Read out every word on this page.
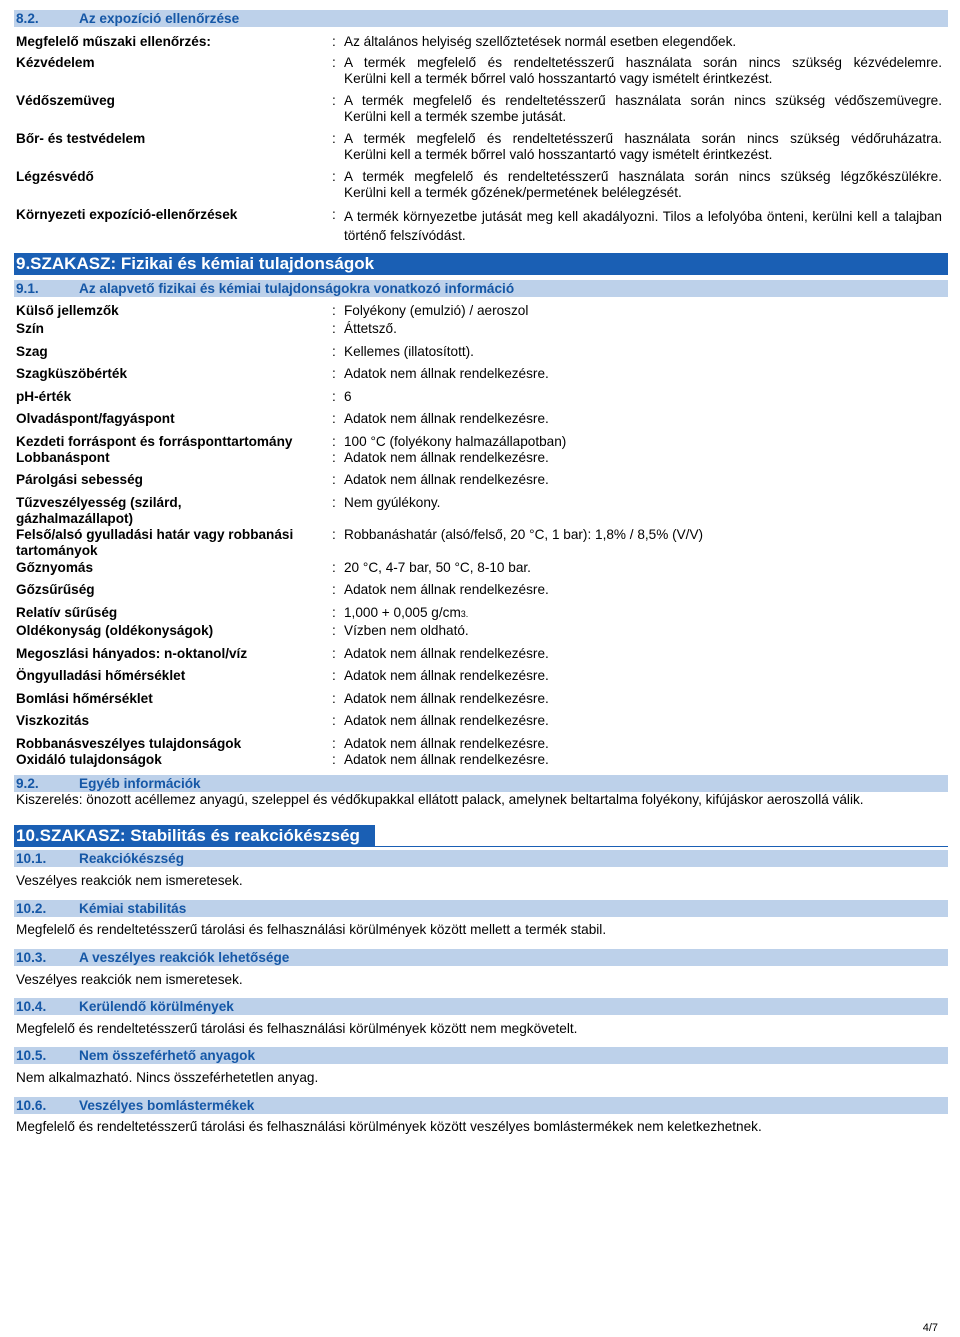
8.2.	Az expozíció ellenőrzése
Megfelelő műszaki ellenőrzés:	: Az általános helyiség szellőztetések normál esetben elegendőek.
Kézvédelem	: A termék megfelelő és rendeltetésszerű használata során nincs szükség kézvédelemre.
Kerülni kell a termék bőrrel való hosszantartó vagy ismételt érintkezést.
Védőszemüveg	: A termék megfelelő és rendeltetésszerű használata során nincs szükség védőszemüvegre.
Kerülni kell a termék szembe jutását.
Bőr- és testvédelem	: A termék megfelelő és rendeltetésszerű használata során nincs szükség védőruházatra.
Kerülni kell a termék bőrrel való hosszantartó vagy ismételt érintkezést.
Légzésvédő	: A termék megfelelő és rendeltetésszerű használata során nincs szükség légzőkészülékre.
Kerülni kell a termék gőzének/permetének belélegzését.
Környezeti expozíció-ellenőrzések	: A termék környezetbe jutását meg kell akadályozni. Tilos a lefolyóba önteni, kerülni kell a talajban történő felszívódást.
9.SZAKASZ: Fizikai és kémiai tulajdonságok
9.1.	Az alapvető fizikai és kémiai tulajdonságokra vonatkozó információ
Külső jellemzők	: Folyékony (emulzió) / aeroszol
Szín	: Áttetsző.
Szag	: Kellemes (illatosított).
Szagküszöbérték	: Adatok nem állnak rendelkezésre.
pH-érték	: 6
Olvadáspont/fagyáspont	: Adatok nem állnak rendelkezésre.
Kezdeti forráspont és forrásponttartomány	: 100 °C (folyékony halmazállapotban)
Lobbanáspont	: Adatok nem állnak rendelkezésre.
Párolgási sebesség	: Adatok nem állnak rendelkezésre.
Tűzveszélyesség (szilárd, gázhalmazállapot)
: Nem gyúlékony.
Felső/alsó gyulladási határ vagy robbanási tartományok
: Robbanáshatár (alsó/felső, 20 °C, 1 bar): 1,8% / 8,5% (V/V)
Gőznyomás	: 20 °C, 4-7 bar, 50 °C, 8-10 bar.
Gőzsűrűség	: Adatok nem állnak rendelkezésre.
Relatív sűrűség	: 1,000 + 0,005 g/cm3.
Oldékonyság (oldékonyságok)	: Vízben nem oldható.
Megoszlási hányados: n-oktanol/víz	: Adatok nem állnak rendelkezésre.
Öngyulladási hőmérséklet	: Adatok nem állnak rendelkezésre.
Bomlási hőmérséklet	: Adatok nem állnak rendelkezésre.
Viszkozitás	: Adatok nem állnak rendelkezésre.
Robbanásveszélyes tulajdonságok	: Adatok nem állnak rendelkezésre.
Oxidáló tulajdonságok	: Adatok nem állnak rendelkezésre.
9.2.	Egyéb információk
Kiszerelés: önozott acéllemez anyagú, szeleppel és védőkupakkal ellátott palack, amelynek beltartalma folyékony, kifújáskor aeroszollá válik.
10.SZAKASZ: Stabilitás és reakciókészség
10.1. Reakciókészség
Veszélyes reakciók nem ismeretesek.
10.2. Kémiai stabilitás
Megfelelő és rendeltetésszerű tárolási és felhasználási körülmények között mellett a termék stabil.
10.3. A veszélyes reakciók lehetősége
Veszélyes reakciók nem ismeretesek.
10.4. Kerülendő körülmények
Megfelelő és rendeltetésszerű tárolási és felhasználási körülmények között nem megkövetelt.
10.5. Nem összeférhető anyagok
Nem alkalmazható. Nincs összeférhetetlen anyag.
10.6. Veszélyes bomlástermékek
Megfelelő és rendeltetésszerű tárolási és felhasználási körülmények között veszélyes bomlástermékek nem keletkezhetnek.
4/7
